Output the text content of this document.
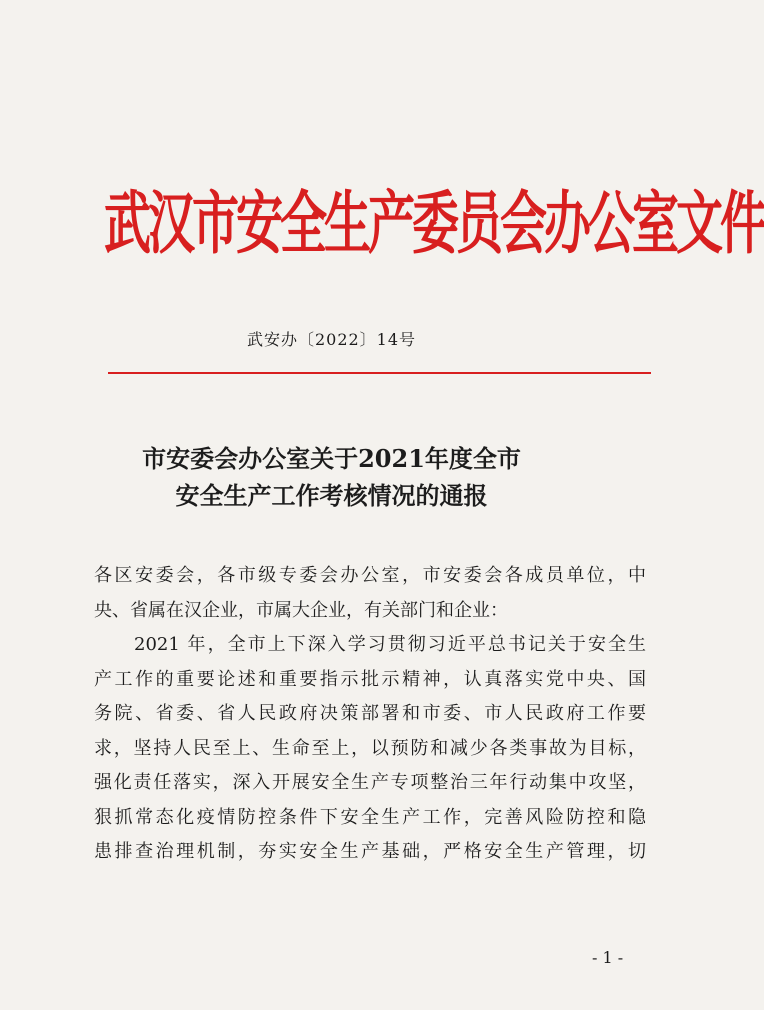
武汉市安全生产委员会办公室文件
武安办〔2022〕14号
市安委会办公室关于2021年度全市
安全生产工作考核情况的通报
各区安委会，各市级专委会办公室，市安委会各成员单位，中
央、省属在汉企业，市属大企业，有关部门和企业：
2021 年，全市上下深入学习贯彻习近平总书记关于安全生
产工作的重要论述和重要指示批示精神，认真落实党中央、国
务院、省委、省人民政府决策部署和市委、市人民政府工作要
求，坚持人民至上、生命至上，以预防和减少各类事故为目标，
强化责任落实，深入开展安全生产专项整治三年行动集中攻坚，
狠抓常态化疫情防控条件下安全生产工作，完善风险防控和隐
患排查治理机制，夯实安全生产基础，严格安全生产管理，切
- 1 -
